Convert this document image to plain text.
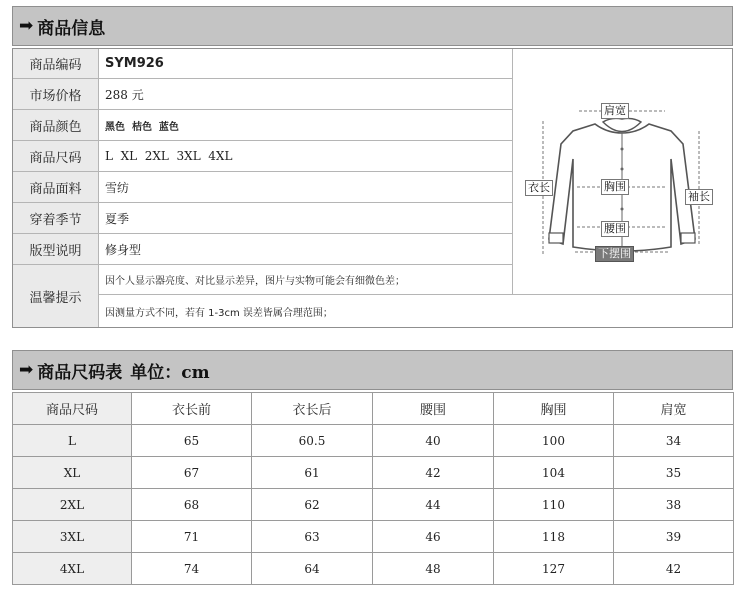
➡ 商品信息
商品编码	SYM926
市场价格	288 元
商品颜色	黑色  桔色  蓝色
商品尺码	L  XL  2XL  3XL  4XL
商品面料	雪纺
穿着季节	夏季
版型说明	修身型
温馨提示
因个人显示器亮度、对比显示差异，图片与实物可能会有细微色差；
因测量方式不同，若有 1-3cm 误差皆属合理范围；
肩宽
衣长	胸围
袖长
腰围
下摆围
➡ 商品尺码表 单位：cm
商品尺码	衣长前	衣长后	腰围	胸围	肩宽
L	65	60.5	40	100	34
XL	67	61	42	104	35
2XL	68	62	44	110	38
3XL	71	63	46	118	39
4XL	74	64	48	127	42
